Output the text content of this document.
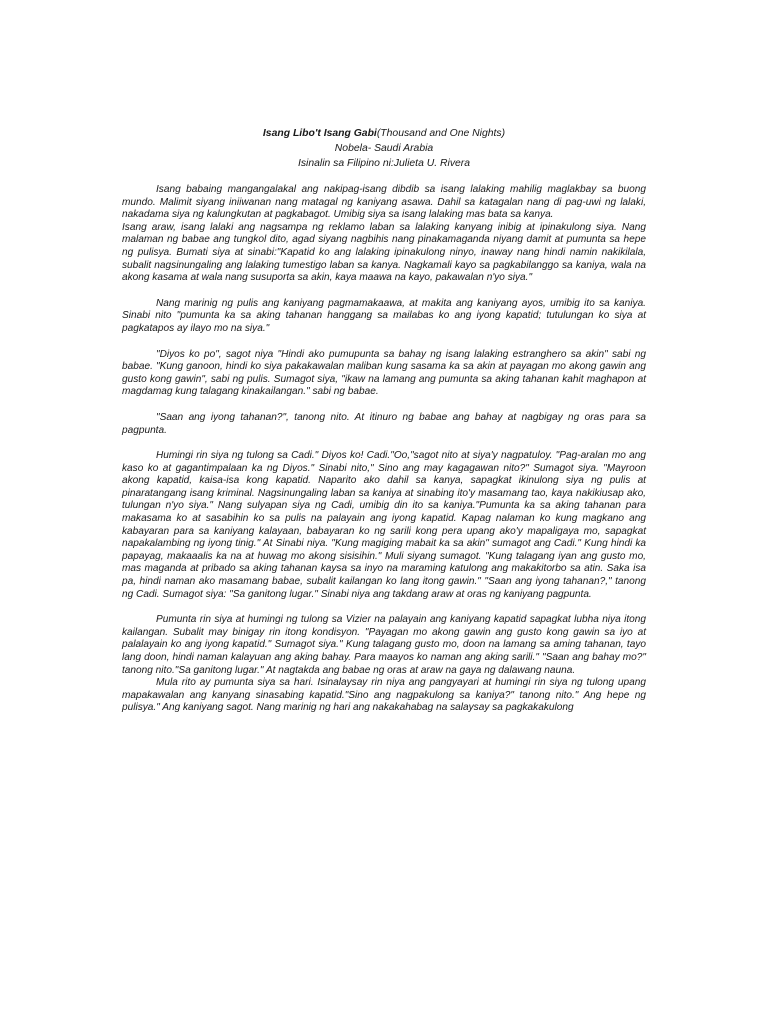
Isang Libo't Isang Gabi(Thousand and One Nights)
Nobela- Saudi Arabia
Isinalin sa Filipino ni:Julieta U. Rivera

Isang babaing mangangalakal ang nakipag-isang dibdib sa isang lalaking mahilig maglakbay sa buong mundo. Malimit siyang iniiwanan nang matagal ng kaniyang asawa. Dahil sa katagalan nang di pag-uwi ng lalaki, nakadama siya ng kalungkutan at pagkabagot. Umibig siya sa isang lalaking mas bata sa kanya.

Isang araw, isang lalaki ang nagsampa ng reklamo laban sa lalaking kanyang inibig at ipinakulong siya. Nang malaman ng babae ang tungkol dito, agad siyang nagbihis nang pinakamaganda niyang damit at pumunta sa hepe ng pulisya. Bumati siya at sinabi:"Kapatid ko ang lalaking ipinakulong ninyo, inaway nang hindi namin nakikilala, subalit nagsinungaling ang lalaking tumestigo laban sa kanya. Nagkamali kayo sa pagkabilanggo sa kaniya, wala na akong kasama at wala nang susuporta sa akin, kaya maawa na kayo, pakawalan n'yo siya."

Nang marinig ng pulis ang kaniyang pagmamakaawa, at makita ang kaniyang ayos, umibig ito sa kaniya. Sinabi nito "pumunta ka sa aking tahanan hanggang sa mailabas ko ang iyong kapatid; tutulungan ko siya at pagkatapos ay ilayo mo na siya."

"Diyos ko po", sagot niya "Hindi ako pumupunta sa bahay ng isang lalaking estranghero sa akin" sabi ng babae. "Kung ganoon, hindi ko siya pakakawalan maliban kung sasama ka sa akin at payagan mo akong gawin ang gusto kong gawin", sabi ng pulis. Sumagot siya, "ikaw na lamang ang pumunta sa aking tahanan kahit maghapon at magdamag kung talagang kinakailangan." sabi ng babae.

"Saan ang iyong tahanan?", tanong nito. At itinuro ng babae ang bahay at nagbigay ng oras para sa pagpunta.

Humingi rin siya ng tulong sa Cadi." Diyos ko! Cadi."Oo,"sagot nito at siya'y nagpatuloy. "Pag-aralan mo ang kaso ko at gagantimpalaan ka ng Diyos." Sinabi nito," Sino ang may kagagawan nito?" Sumagot siya. "Mayroon akong kapatid, kaisa-isa kong kapatid. Naparito ako dahil sa kanya, sapagkat ikinulong siya ng pulis at pinaratangang isang kriminal. Nagsinungaling laban sa kaniya at sinabing ito'y masamang tao, kaya nakikiusap ako, tulungan n'yo siya." Nang sulyapan siya ng Cadi, umibig din ito sa kaniya."Pumunta ka sa aking tahanan para makasama ko at sasabihin ko sa pulis na palayain ang iyong kapatid. Kapag nalaman ko kung magkano ang kabayaran para sa kaniyang kalayaan, babayaran ko ng sarili kong pera upang ako'y mapaligaya mo, sapagkat napakalambing ng iyong tinig." At Sinabi niya. "Kung magiging mabait ka sa akin" sumagot ang Cadi." Kung hindi ka papayag, makaaalis ka na at huwag mo akong sisisihin." Muli siyang sumagot. "Kung talagang iyan ang gusto mo, mas maganda at pribado sa aking tahanan kaysa sa inyo na maraming katulong ang makakitorbo sa atin. Saka isa pa, hindi naman ako masamang babae, subalit kailangan ko lang itong gawin." "Saan ang iyong tahanan?," tanong ng Cadi. Sumagot siya: "Sa ganitong lugar." Sinabi niya ang takdang araw at oras ng kaniyang pagpunta.

Pumunta rin siya at humingi ng tulong sa Vizier na palayain ang kaniyang kapatid sapagkat lubha niya itong kailangan. Subalit may binigay rin itong kondisyon. "Payagan mo akong gawin ang gusto kong gawin sa iyo at palalayain ko ang iyong kapatid." Sumagot siya." Kung talagang gusto mo, doon na lamang sa aming tahanan, tayo lang doon, hindi naman kalayuan ang aking bahay. Para maayos ko naman ang aking sarili." "Saan ang bahay mo?" tanong nito."Sa ganitong lugar." At nagtakda ang babae ng oras at araw na gaya ng dalawang nauna.

Mula rito ay pumunta siya sa hari. Isinalaysay rin niya ang pangyayari at humingi rin siya ng tulong upang mapakawalan ang kanyang sinasabing kapatid."Sino ang nagpakulong sa kaniya?" tanong nito." Ang hepe ng pulisya." Ang kaniyang sagot. Nang marinig ng hari ang nakakahabag na salaysay sa pagkakakulong
